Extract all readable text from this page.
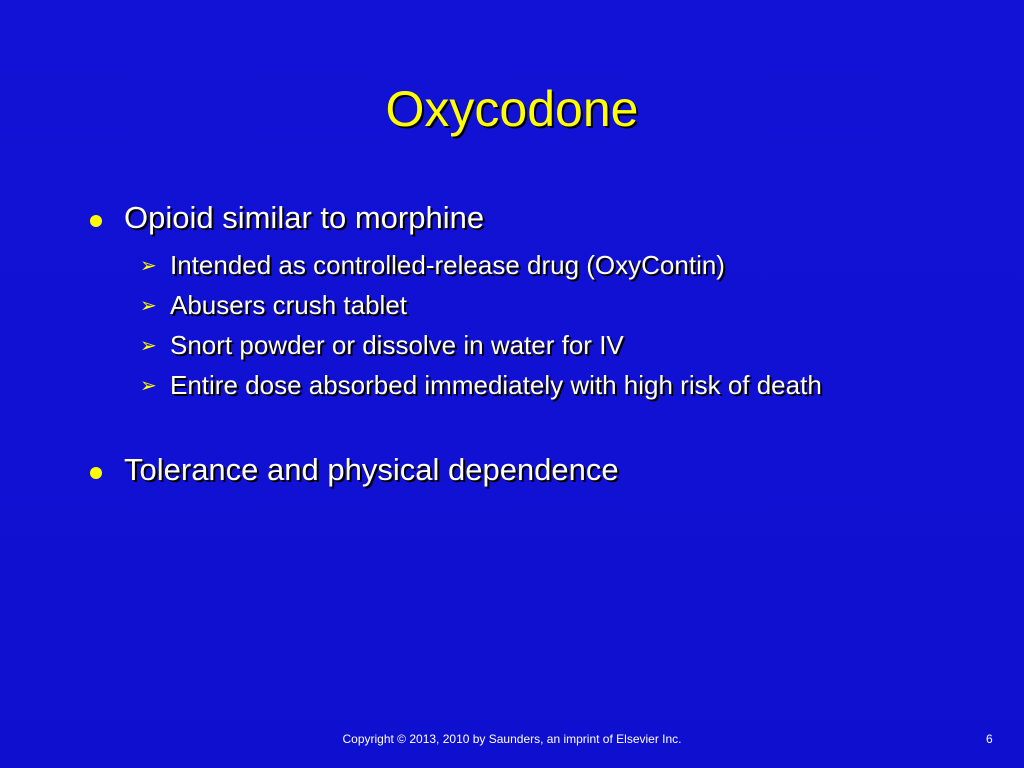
Oxycodone
Opioid similar to morphine
➢ Intended as controlled-release drug (OxyContin)
➢ Abusers crush tablet
➢ Snort powder or dissolve in water for IV
➢ Entire dose absorbed immediately with high risk of death
Tolerance and physical dependence
Copyright © 2013, 2010 by Saunders, an imprint of Elsevier Inc.	6
